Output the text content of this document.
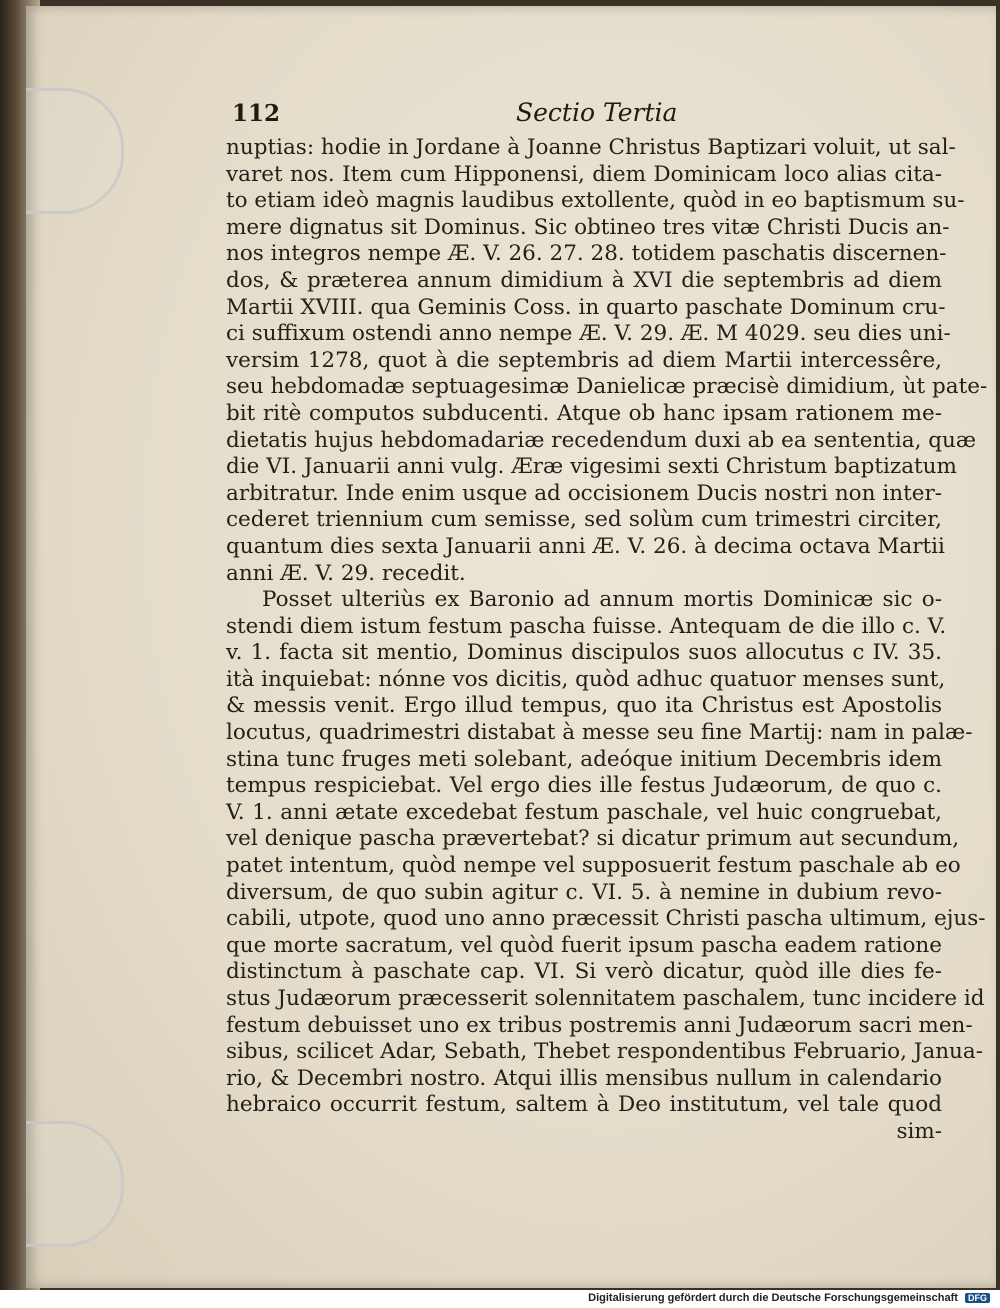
112	Sectio Tertia
nuptias: hodie in Jordane à Joanne Christus Baptizari voluit, ut sal-
varet nos. Item cum Hipponensi, diem Dominicam loco alias cita-
to etiam ideò magnis laudibus extollente, quòd in eo baptismum su-
mere dignatus sit Dominus. Sic obtineo tres vitæ Christi Ducis an-
nos integros nempe Æ. V. 26. 27. 28. totidem paschatis discernen-
dos, & præterea annum dimidium à XVI die septembris ad diem
Martii XVIII. qua Geminis Coss. in quarto paschate Dominum cru-
ci suffixum ostendi anno nempe Æ. V. 29. Æ. M 4029. seu dies uni-
versim 1278, quot à die septembris ad diem Martii intercessêre,
seu hebdomadæ septuagesimæ Danielicæ præcisè dimidium, ùt pate-
bit ritè computos subducenti. Atque ob hanc ipsam rationem me-
dietatis hujus hebdomadariæ recedendum duxi ab ea sententia, quæ
die VI. Januarii anni vulg. Æræ vigesimi sexti Christum baptizatum
arbitratur. Inde enim usque ad occisionem Ducis nostri non inter-
cederet triennium cum semisse, sed solùm cum trimestri circiter,
quantum dies sexta Januarii anni Æ. V. 26. à decima octava Martii
anni Æ. V. 29. recedit.
Posset ulteriùs ex Baronio ad annum mortis Dominicæ sic o-
stendi diem istum festum pascha fuisse. Antequam de die illo c. V.
v. 1. facta sit mentio, Dominus discipulos suos allocutus c IV. 35.
ità inquiebat: nónne vos dicitis, quòd adhuc quatuor menses sunt,
& messis venit. Ergo illud tempus, quo ita Christus est Apostolis
locutus, quadrimestri distabat à messe seu fine Martij: nam in palæ-
stina tunc fruges meti solebant, adeóque initium Decembris idem
tempus respiciebat. Vel ergo dies ille festus Judæorum, de quo c.
V. 1. anni ætate excedebat festum paschale, vel huic congruebat,
vel denique pascha prævertebat? si dicatur primum aut secundum,
patet intentum, quòd nempe vel supposuerit festum paschale ab eo
diversum, de quo subin agitur c. VI. 5. à nemine in dubium revo-
cabili, utpote, quod uno anno præcessit Christi pascha ultimum, ejus-
que morte sacratum, vel quòd fuerit ipsum pascha eadem ratione
distinctum à paschate cap. VI. Si verò dicatur, quòd ille dies fe-
stus Judæorum præcesserit solennitatem paschalem, tunc incidere id
festum debuisset uno ex tribus postremis anni Judæorum sacri men-
sibus, scilicet Adar, Sebath, Thebet respondentibus Februario, Janua-
rio, & Decembri nostro. Atqui illis mensibus nullum in calendario
hebraico occurrit festum, saltem à Deo institutum, vel tale quod
sim-
Digitalisierung gefördert durch die Deutsche Forschungsgemeinschaft DFG
